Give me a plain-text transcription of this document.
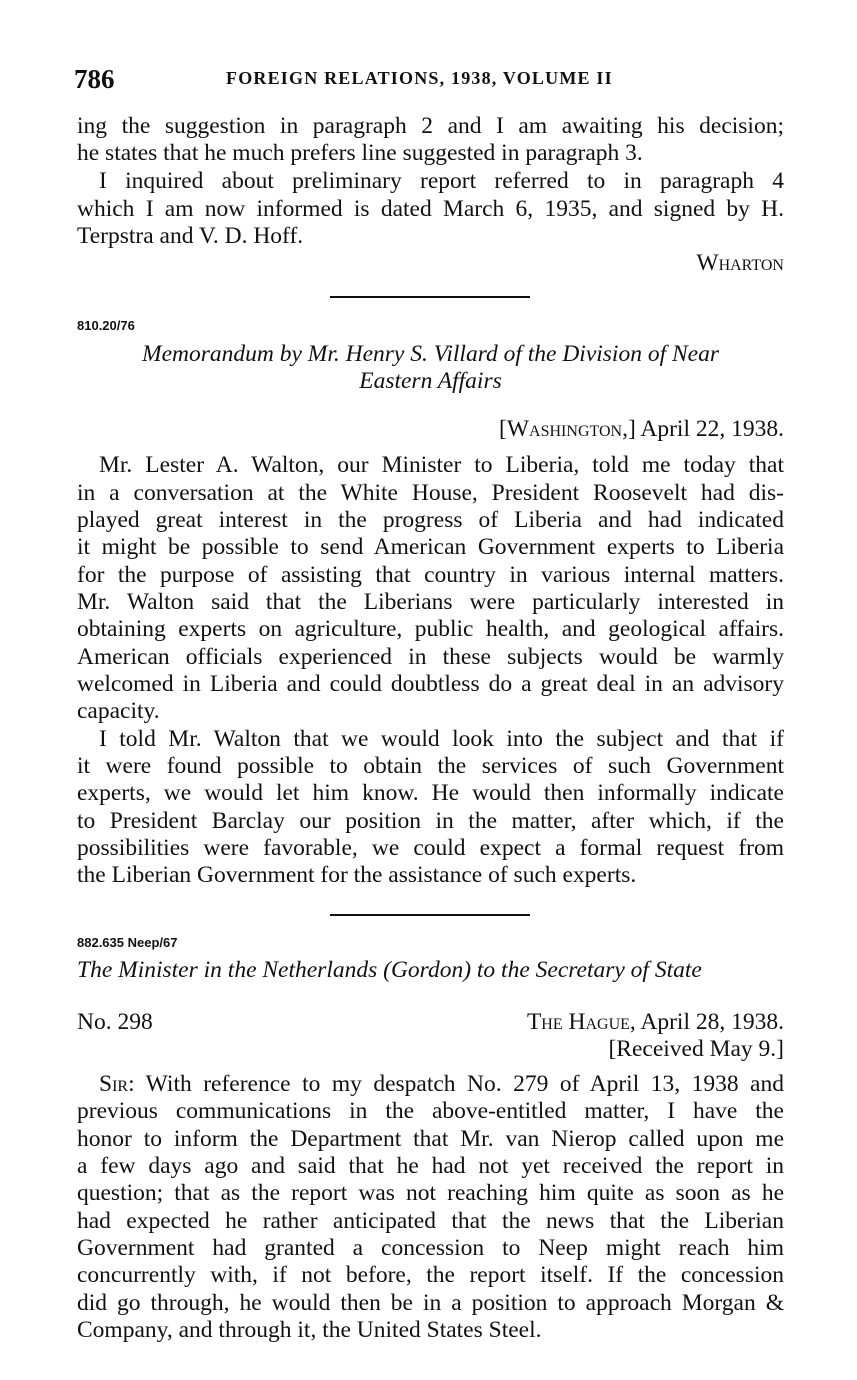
786	FOREIGN RELATIONS, 1938, VOLUME II
ing the suggestion in paragraph 2 and I am awaiting his decision;
he states that he much prefers line suggested in paragraph 3.
I inquired about preliminary report referred to in paragraph 4
which I am now informed is dated March 6, 1935, and signed by H.
Terpstra and V. D. Hoff.
Wharton
810.20/76
Memorandum by Mr. Henry S. Villard of the Division of Near
Eastern Affairs
[Washington,] April 22, 1938.
Mr. Lester A. Walton, our Minister to Liberia, told me today that
in a conversation at the White House, President Roosevelt had dis-
played great interest in the progress of Liberia and had indicated
it might be possible to send American Government experts to Liberia
for the purpose of assisting that country in various internal matters.
Mr. Walton said that the Liberians were particularly interested in
obtaining experts on agriculture, public health, and geological affairs.
American officials experienced in these subjects would be warmly
welcomed in Liberia and could doubtless do a great deal in an advisory
capacity.
I told Mr. Walton that we would look into the subject and that if
it were found possible to obtain the services of such Government
experts, we would let him know. He would then informally indicate
to President Barclay our position in the matter, after which, if the
possibilities were favorable, we could expect a formal request from
the Liberian Government for the assistance of such experts.
882.635 Neep/67
The Minister in the Netherlands (Gordon) to the Secretary of State
No. 298	The Hague, April 28, 1938.
[Received May 9.]
Sir: With reference to my despatch No. 279 of April 13, 1938 and
previous communications in the above-entitled matter, I have the
honor to inform the Department that Mr. van Nierop called upon me
a few days ago and said that he had not yet received the report in
question; that as the report was not reaching him quite as soon as he
had expected he rather anticipated that the news that the Liberian
Government had granted a concession to Neep might reach him
concurrently with, if not before, the report itself. If the concession
did go through, he would then be in a position to approach Morgan &
Company, and through it, the United States Steel.
